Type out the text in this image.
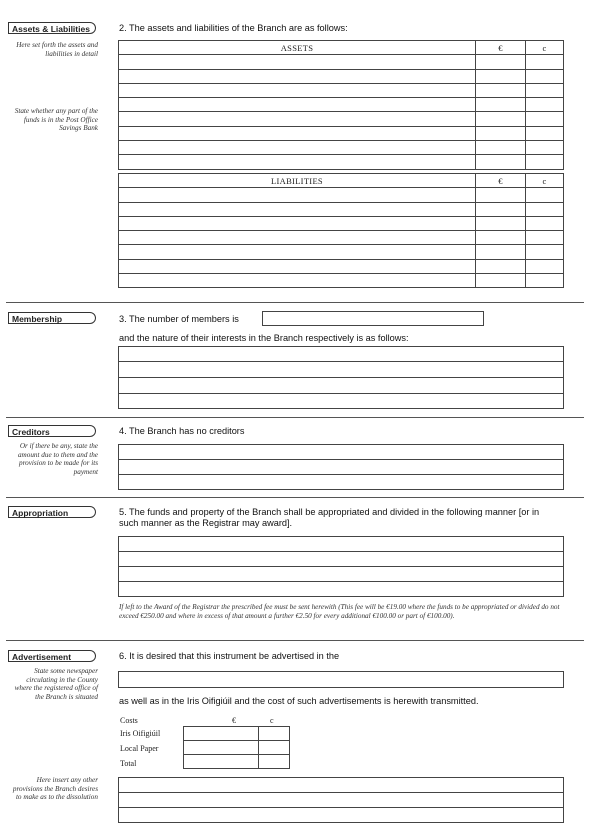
Assets & Liabilities	2. The assets and liabilities of the Branch are as follows:
Here set forth the assets and liabilities in detail
State whether any part of the funds is in the Post Office Savings Bank
ASSETS	€	c

LIABILITIES	€	c

Membership	3. The number of members is
and the nature of their interests in the Branch respectively is as follows:
Creditors	4. The Branch has no creditors
Or if there be any, state the amount due to them and the provision to be made for its payment
Appropriation	5. The funds and property of the Branch shall be appropriated and divided in the following manner [or in such manner as the Registrar may award].
If left to the Award of the Registrar the prescribed fee must be sent herewith (This fee will be €19.00 where the funds to be appropriated or divided do not exceed €250.00 and where in excess of that amount a further €2.50 for every additional €100.00 or part of €100.00).
Advertisement	6. It is desired that this instrument be advertised in the
State some newspaper circulating in the County where the registered office of the Branch is situated as well as in the Iris Oifigiúil and the cost of such advertisements is herewith transmitted.
Costs	€	c
Iris Oifigiúil
Local Paper
Total

Here insert any other provisions the Branch desires to make as to the dissolution
